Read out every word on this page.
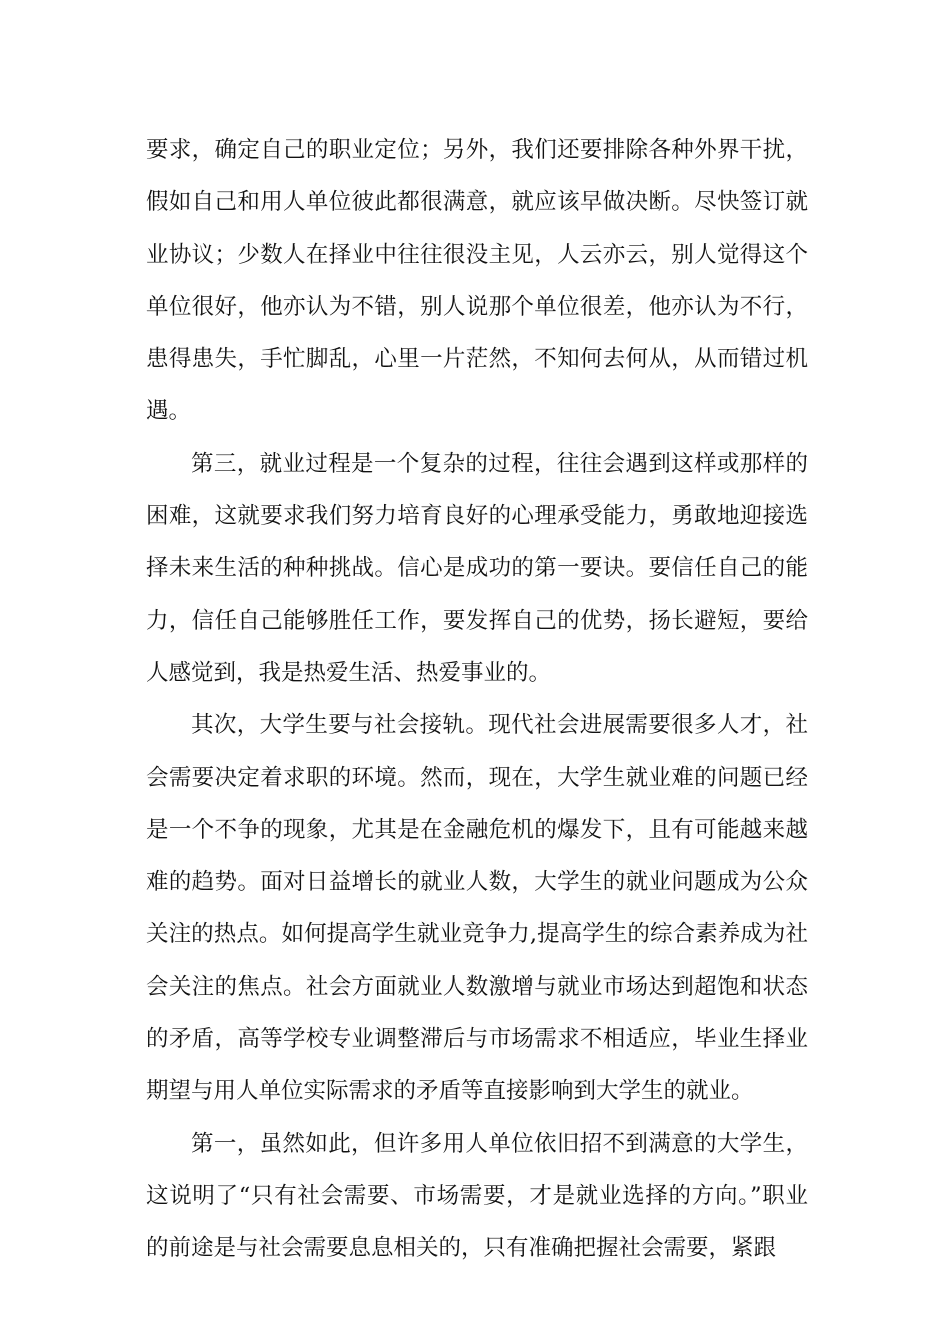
要求，确定自己的职业定位；另外，我们还要排除各种外界干扰，假如自己和用人单位彼此都很满意，就应该早做决断。尽快签订就业协议；少数人在择业中往往很没主见，人云亦云，别人觉得这个单位很好，他亦认为不错，别人说那个单位很差，他亦认为不行，患得患失，手忙脚乱，心里一片茫然，不知何去何从，从而错过机遇。

第三，就业过程是一个复杂的过程，往往会遇到这样或那样的困难，这就要求我们努力培育良好的心理承受能力，勇敢地迎接选择未来生活的种种挑战。信心是成功的第一要诀。要信任自己的能力，信任自己能够胜任工作，要发挥自己的优势，扬长避短，要给人感觉到，我是热爱生活、热爱事业的。

其次，大学生要与社会接轨。现代社会进展需要很多人才，社会需要决定着求职的环境。然而，现在，大学生就业难的问题已经是一个不争的现象，尤其是在金融危机的爆发下，且有可能越来越难的趋势。面对日益增长的就业人数，大学生的就业问题成为公众关注的热点。如何提高学生就业竞争力,提高学生的综合素养成为社会关注的焦点。社会方面就业人数激增与就业市场达到超饱和状态的矛盾，高等学校专业调整滞后与市场需求不相适应，毕业生择业期望与用人单位实际需求的矛盾等直接影响到大学生的就业。

第一，虽然如此，但许多用人单位依旧招不到满意的大学生，这说明了“只有社会需要、市场需要，才是就业选择的方向。”职业的前途是与社会需要息息相关的，只有准确把握社会需要，紧跟
